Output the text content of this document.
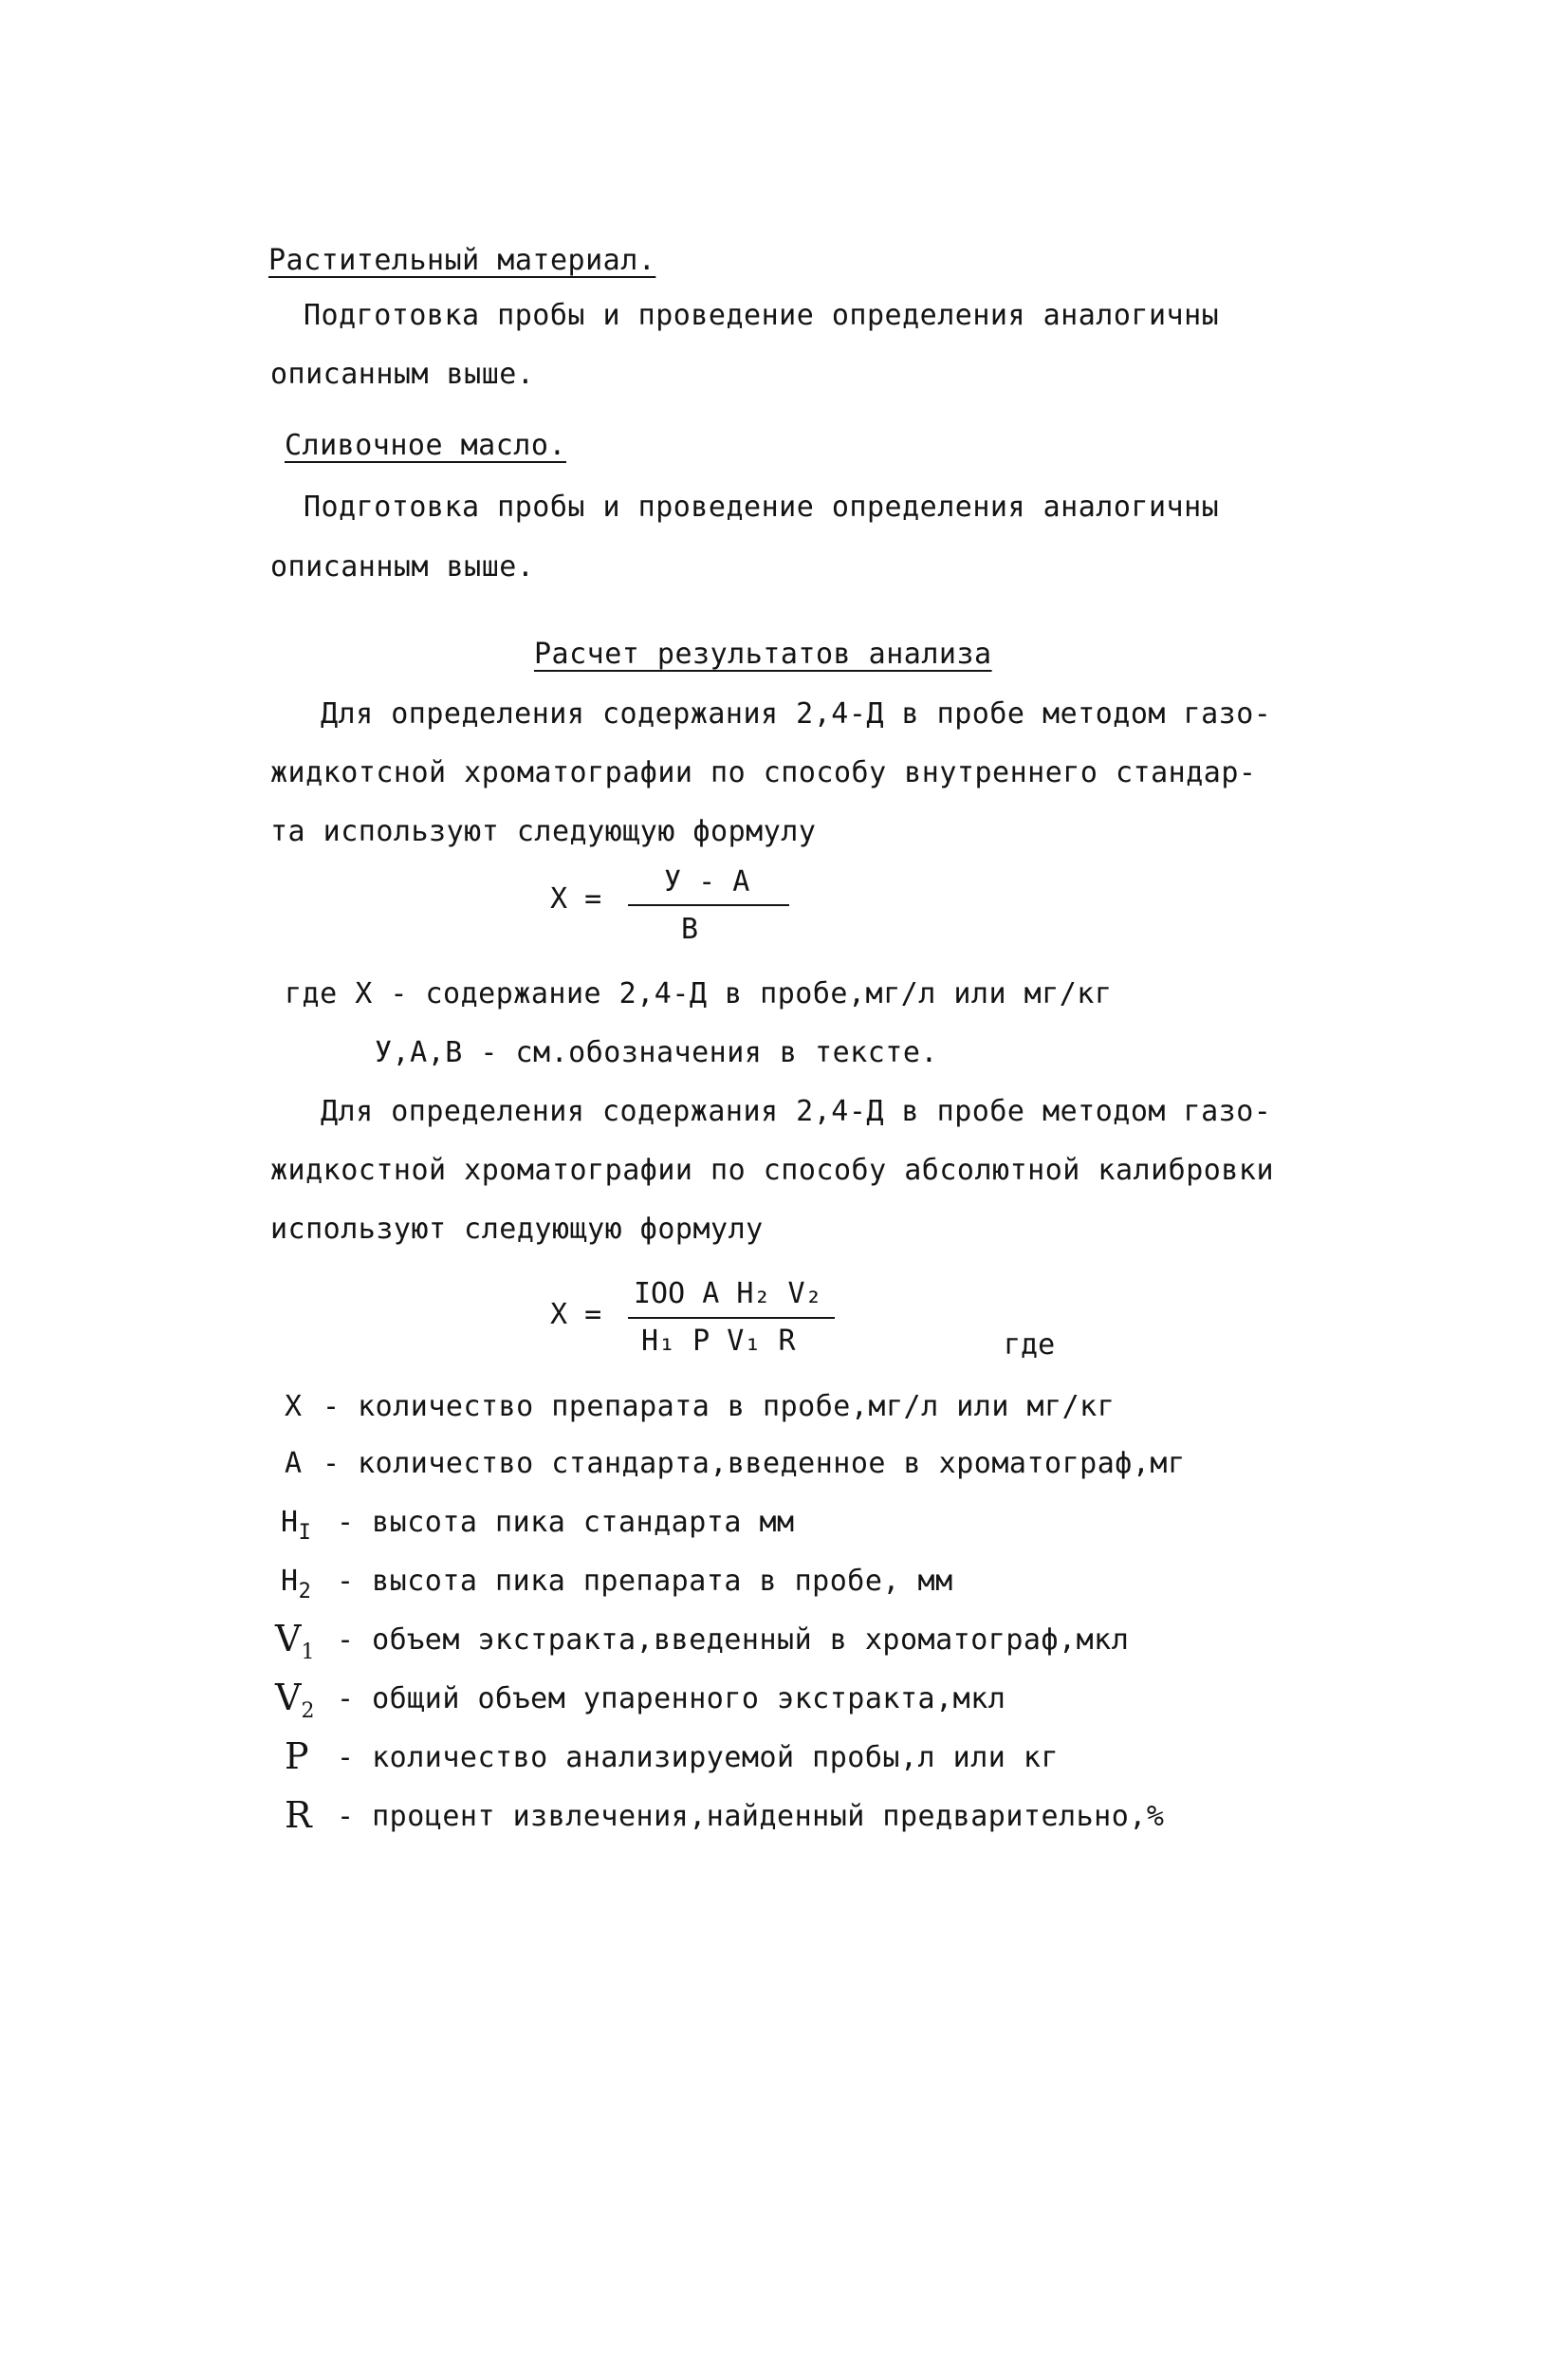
Растительный материал.
Подготовка пробы и проведение определения аналогичны
описанным выше.
Сливочное масло.
Подготовка пробы и проведение определения аналогичны
описанным выше.
Расчет результатов анализа
Для определения содержания 2,4-Д в пробе методом газо-
жидкотсной хроматографии по способу внутреннего стандар-
та используют следующую формулу
X =
У - А
В
где Х - содержание 2,4-Д в пробе,мг/л или мг/кг
У,А,В - см.обозначения в тексте.
Для определения содержания 2,4-Д в пробе методом газо-
жидкостной хроматографии по способу абсолютной калибровки
используют следующую формулу
X =
IOO А Н₂ V₂
Н₁ Р V₁ R	где
Х - количество препарата в пробе,мг/л или мг/кг
А - количество стандарта,введенное в хроматограф,мг
$Н_I$ - высота пика стандарта мм
$Н_2$ - высота пика препарата в пробе, мм
$V_1$ - объем экстракта,введенный в хроматограф,мкл
$V_2$ - общий объем упаренного экстракта,мкл
Р - количество анализируемой пробы,л или кг
R - процент извлечения,найденный предварительно,%
